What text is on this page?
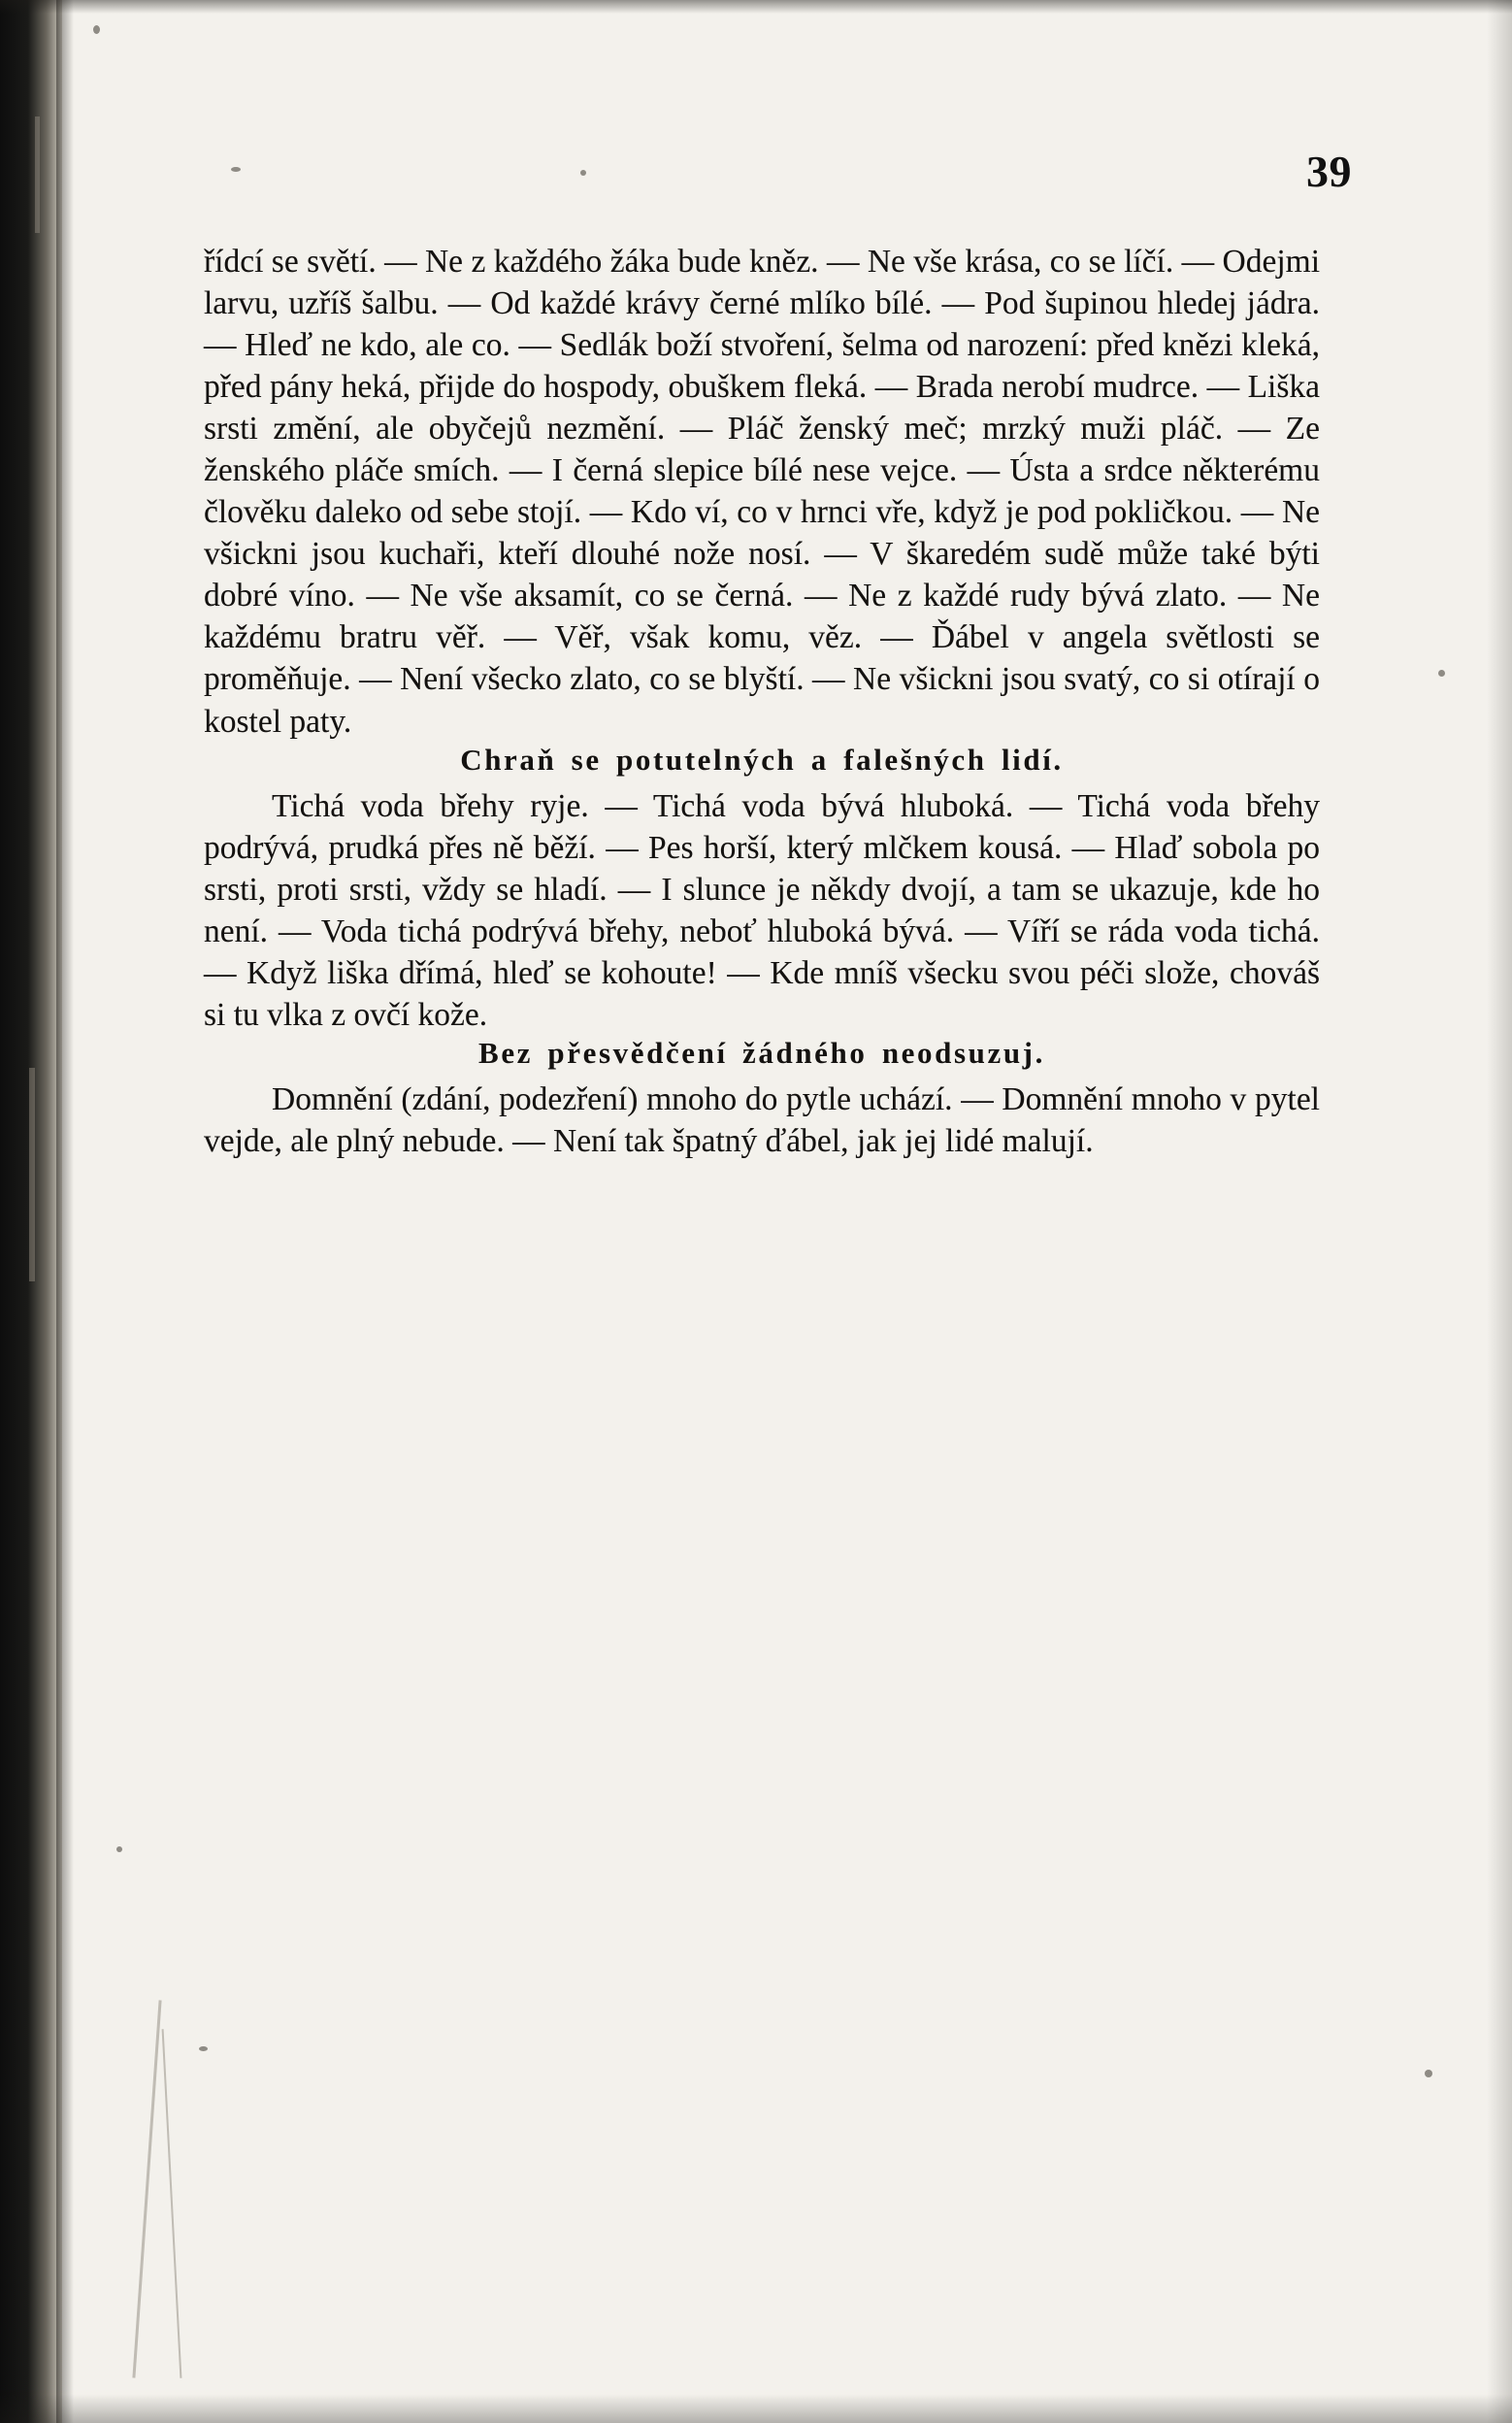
39

řídcí se světí. — Ne z každého žáka bude kněz. — Ne vše krása, co se líčí. — Odejmi larvu, uzříš šalbu. — Od každé krávy černé mlíko bílé. — Pod šupinou hledej jádra. — Hleď ne kdo, ale co. — Sedlák boží stvoření, šelma od narození: před knězi kleká, před pány heká, přijde do hospody, obuškem fleká. — Brada nerobí mudrce. — Liška srsti změní, ale obyčejů nezmění. — Pláč ženský meč; mrzký muži pláč. — Ze ženského pláče smích. — I černá slepice bílé nese vejce. — Ústa a srdce některému člověku daleko od sebe stojí. — Kdo ví, co v hrnci vře, když je pod pokličkou. — Ne všickni jsou kuchaři, kteří dlouhé nože nosí. — V škaredém sudě může také býti dobré víno. — Ne vše aksamít, co se černá. — Ne z každé rudy bývá zlato. — Ne každému bratru věř. — Věř, však komu, věz. — Ďábel v angela světlosti se proměňuje. — Není všecko zlato, co se blyští. — Ne všickni jsou svatý, co si otírají o kostel paty.

Chraň se potutelných a falešných lidí.

Tichá voda břehy ryje. — Tichá voda bývá hluboká. — Tichá voda břehy podrývá, prudká přes ně běží. — Pes horší, který mlčkem kousá. — Hlaď sobola po srsti, proti srsti, vždy se hladí. — I slunce je někdy dvojí, a tam se ukazuje, kde ho není. — Voda tichá podrývá břehy, neboť hluboká bývá. — Víří se ráda voda tichá. — Když liška dřímá, hleď se kohoute! — Kde mníš všecku svou péči slože, chováš si tu vlka z ovčí kože.

Bez přesvědčení žádného neodsuzuj.

Domnění (zdání, podezření) mnoho do pytle uchází. — Domnění mnoho v pytel vejde, ale plný nebude. — Není tak špatný ďábel, jak jej lidé malují.
